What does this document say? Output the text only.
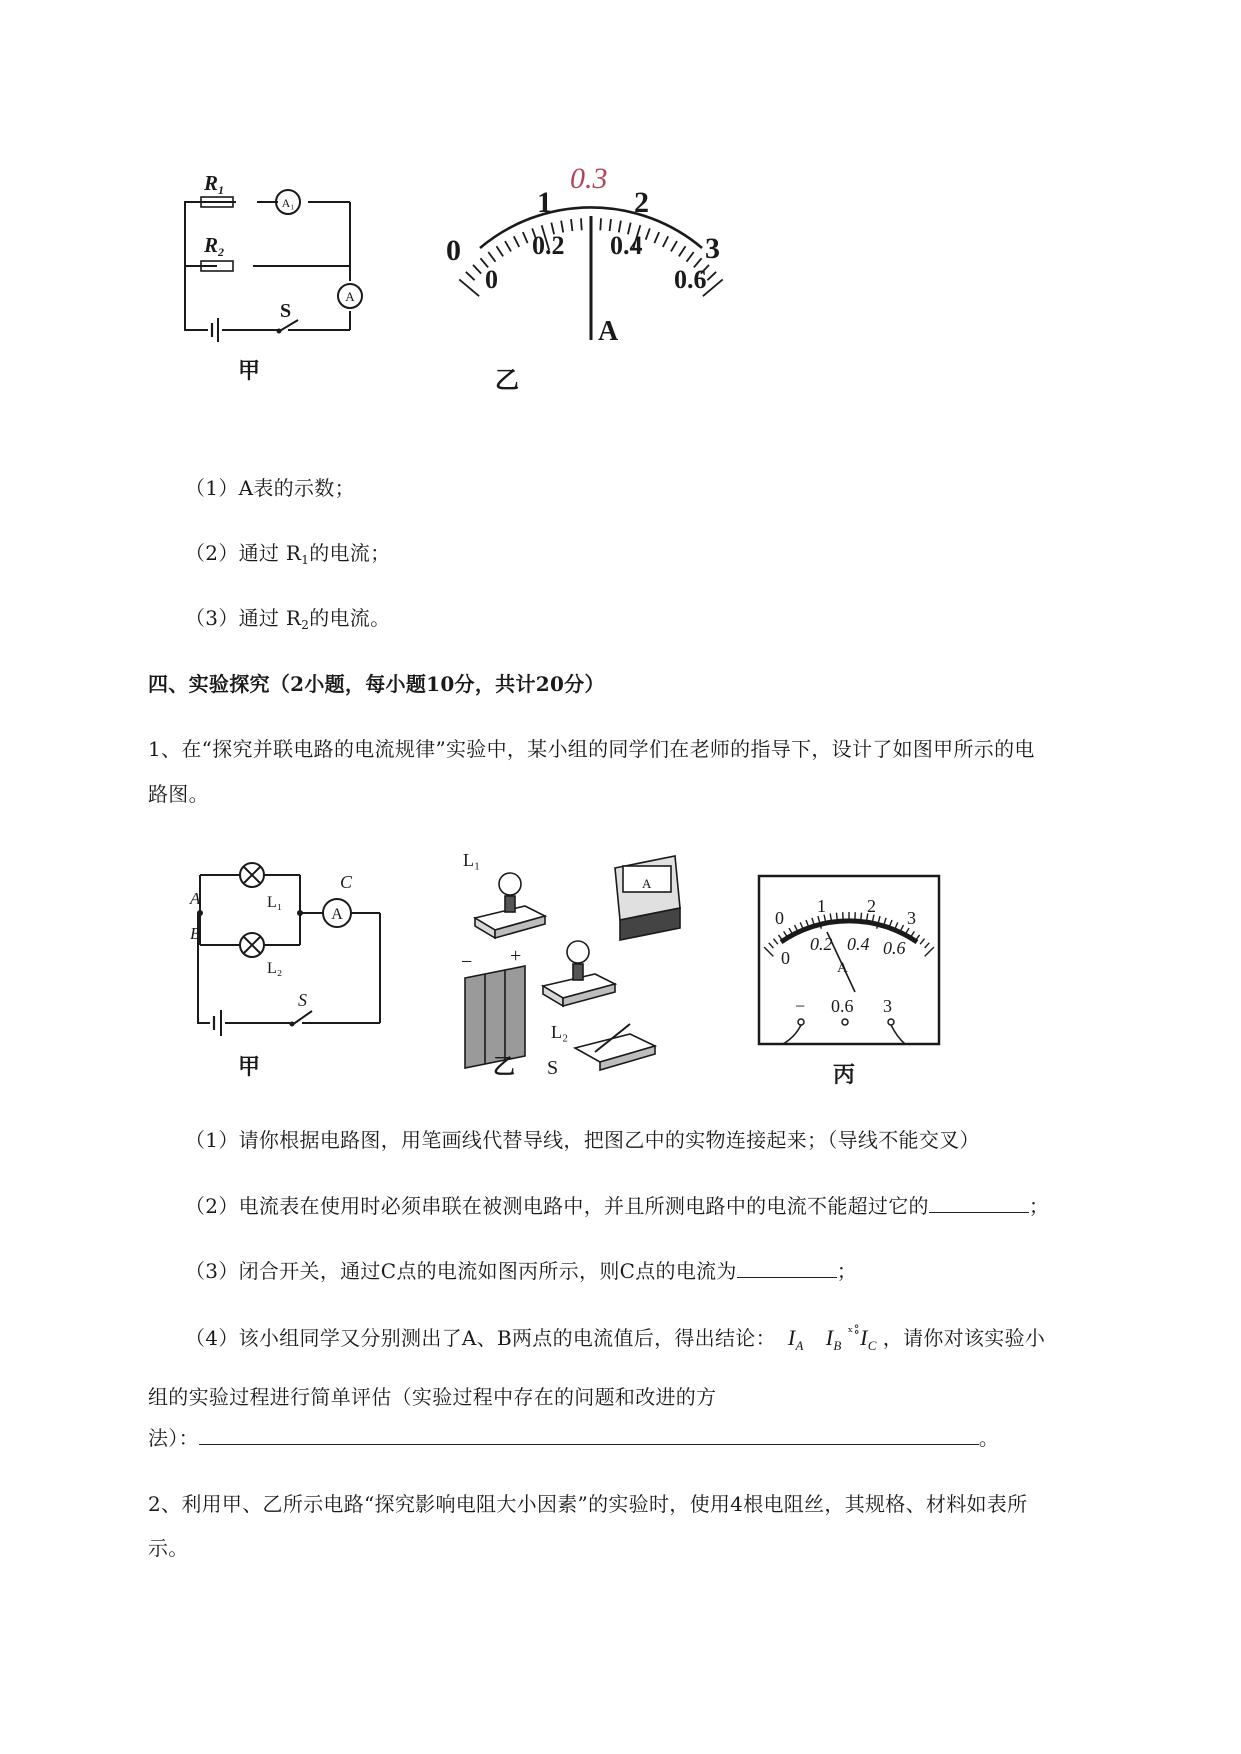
R1
R2
A₁
A
S
甲
0
1	2
3
0
0.2 0.4
0.6
0.3
A
乙
（1）A表的示数；
（2）通过 $R_1$的电流；
（3）通过 $R_2$的电流。
四、实验探究（2小题，每小题10分，共计20分）
1、在“探究并联电路的电流规律”实验中，某小组的同学们在老师的指导下，设计了如图甲所示的电
路图。
A
B
L₁
L₂
C
A
S
甲
L₁
A
L₂
− +
乙 S
0
1 2
3
0
0.2 0.4 0.6
A
− 0.6 3
丙
（1）请你根据电路图，用笔画线代替导线，把图乙中的实物连接起来；（导线不能交叉）
（2）电流表在使用时必须串联在被测电路中，并且所测电路中的电流不能超过它的	；
（3）闭合开关，通过C点的电流如图丙所示，则C点的电流为	；
（4）该小组同学又分别测出了A、B两点的电流值后，得出结论： $I_A$ $I_B^{ˣ\circ̊}I_C$ ，请你对该实验小
组的实验过程进行简单评估（实验过程中存在的问题和改进的方
法）：	。
2、利用甲、乙所示电路“探究影响电阻大小因素”的实验时，使用4根电阻丝，其规格、材料如表所
示。
